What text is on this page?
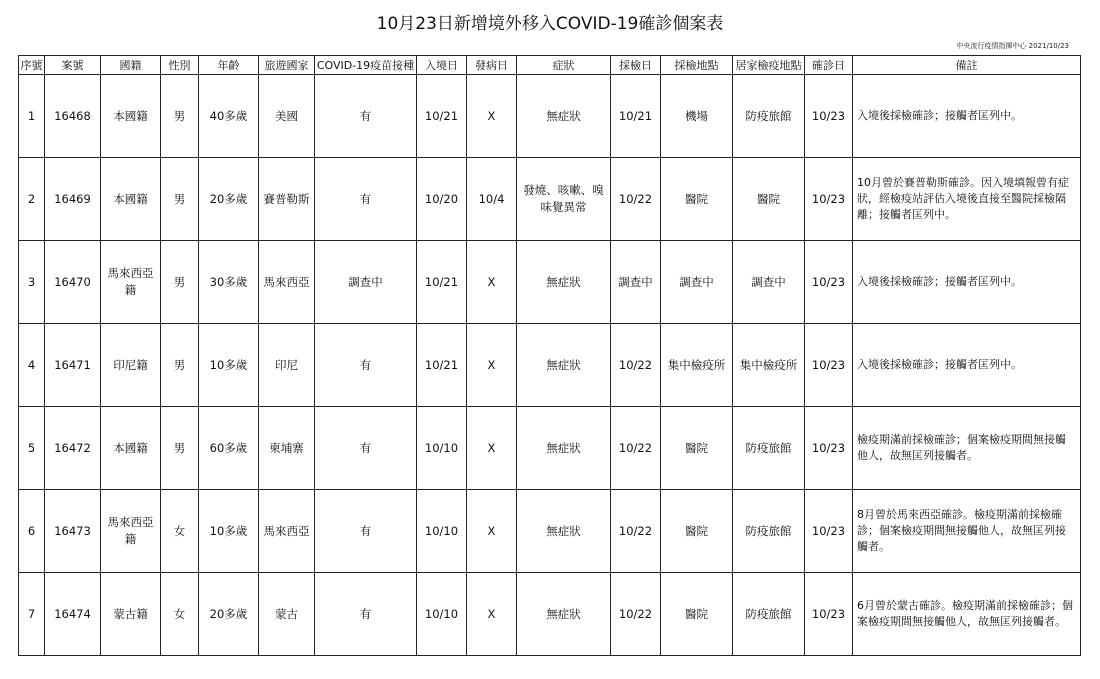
10月23日新增境外移入COVID-19確診個案表
中央流行疫情指揮中心 2021/10/23
序號	案號	國籍	性別	年齡	旅遊國家	COVID-19疫苗接種	入境日	發病日	症狀	採檢日	採檢地點	居家檢疫地點	確診日	備註
1	16468	本國籍	男	40多歲	美國	有	10/21	X	無症狀	10/21	機場	防疫旅館	10/23	入境後採檢確診；接觸者匡列中。
2	16469	本國籍	男	20多歲	賽普勒斯	有	10/20	10/4	發燒、咳嗽、嗅味覺異常	10/22	醫院	醫院	10/23	10月曾於賽普勒斯確診。因入境填報曾有症狀，經檢疫站評估入境後直接至醫院採檢隔離；接觸者匡列中。
3	16470	馬來西亞籍	男	30多歲	馬來西亞	調查中	10/21	X	無症狀	調查中	調查中	調查中	10/23	入境後採檢確診；接觸者匡列中。
4	16471	印尼籍	男	10多歲	印尼	有	10/21	X	無症狀	10/22	集中檢疫所	集中檢疫所	10/23	入境後採檢確診；接觸者匡列中。
5	16472	本國籍	男	60多歲	柬埔寨	有	10/10	X	無症狀	10/22	醫院	防疫旅館	10/23	檢疫期滿前採檢確診；個案檢疫期間無接觸他人，故無匡列接觸者。
6	16473	馬來西亞籍	女	10多歲	馬來西亞	有	10/10	X	無症狀	10/22	醫院	防疫旅館	10/23	8月曾於馬來西亞確診。檢疫期滿前採檢確診；個案檢疫期間無接觸他人，故無匡列接觸者。
7	16474	蒙古籍	女	20多歲	蒙古	有	10/10	X	無症狀	10/22	醫院	防疫旅館	10/23	6月曾於蒙古確診。檢疫期滿前採檢確診；個案檢疫期間無接觸他人，故無匡列接觸者。
